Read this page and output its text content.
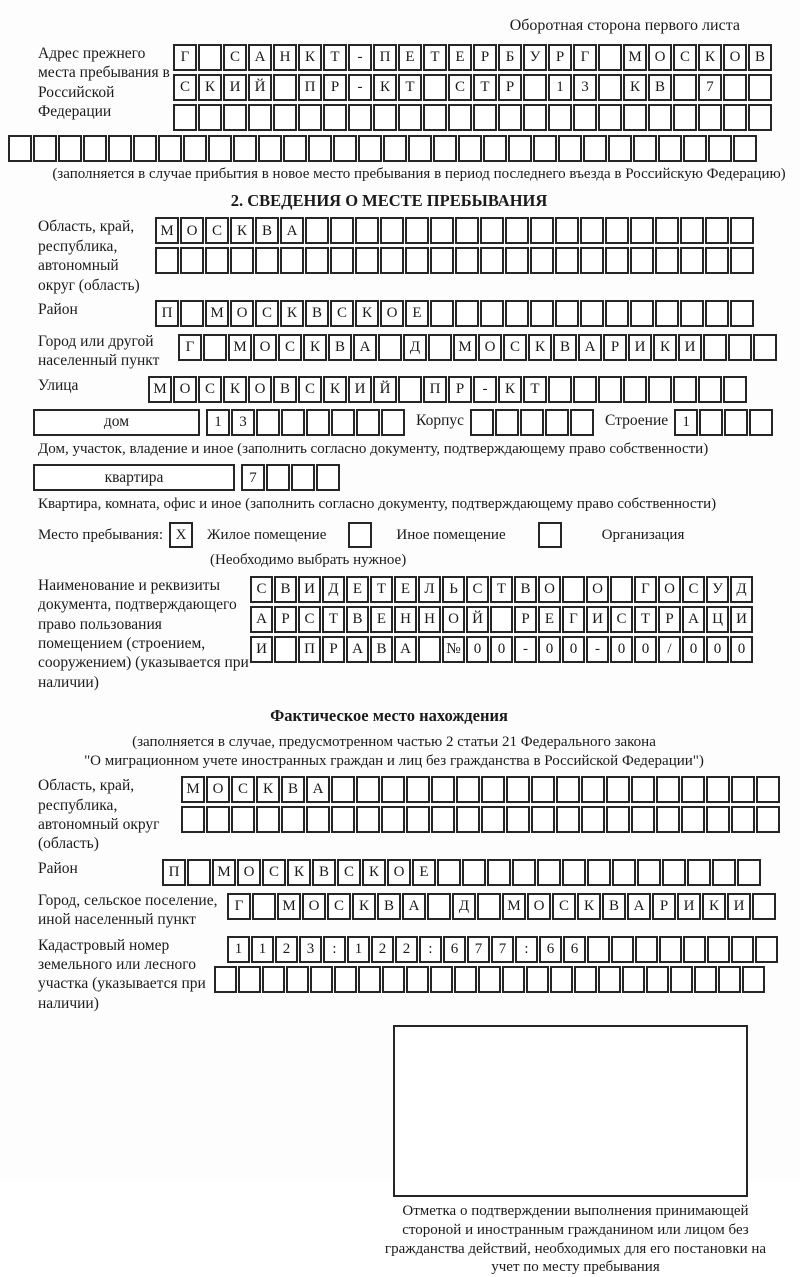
Оборотная сторона первого листа
Адрес прежнего места пребывания в Российской Федерации
Г	С А Н К	Т	-	П Е	Т	Е	Р	Б	У	Р	Г	М О С К О В
С К И Й	П	Р	-	К	Т	С	Т	Р	1	3	К В	7
(заполняется в случае прибытия в новое место пребывания в период последнего въезда в Российскую Федерацию)
2. СВЕДЕНИЯ О МЕСТЕ ПРЕБЫВАНИЯ
Область, край, республика, автономный округ (область)
М О С К В А
Район	П	М О С К В С К О Е
Город или другой населенный пункт
Г	М О С К В А	Д	М О С К В А	Р	И К И
Улица	М О С К О В С К И Й	П	Р	-	К	Т
дом	1	3	Корпус	Строение 1
Дом, участок, владение и иное (заполнить согласно документу, подтверждающему право собственности)
квартира	7
Квартира, комната, офис и иное (заполнить согласно документу, подтверждающему право собственности)
Место пребывания: X	Жилое помещение	Иное помещение	Организация
(Необходимо выбрать нужное)
Наименование и реквизиты документа, подтверждающего право пользования помещением (строением, сооружением) (указывается при наличии)
С В И Д Е Т Е Л Ь С Т В О	О	Г О С У Д
А Р С Т В Е Н Н О Й	Р	Е	Г И С Т	Р А Ц И
И	П Р А В А	№ 0	0	-	0	0	-	0	0	/	0	0	0
Фактическое место нахождения
(заполняется в случае, предусмотренном частью 2 статьи 21 Федерального закона
"О миграционном учете иностранных граждан и лиц без гражданства в Российской Федерации")
Область, край, республика, автономный округ (область)
М О С К В А
Район	П	М О С К В С К О Е
Город, сельское поселение, иной населенный пункт
Г	М О С К В А	Д	М О С К В А	Р	И К И
Кадастровый номер земельного или лесного участка (указывается при наличии)
1	1	2	3	:	1	2	2	:	6	7	7	:	6	6
Отметка о подтверждении выполнения принимающей стороной и иностранным гражданином или лицом без гражданства действий, необходимых для его постановки на учет по месту пребывания
